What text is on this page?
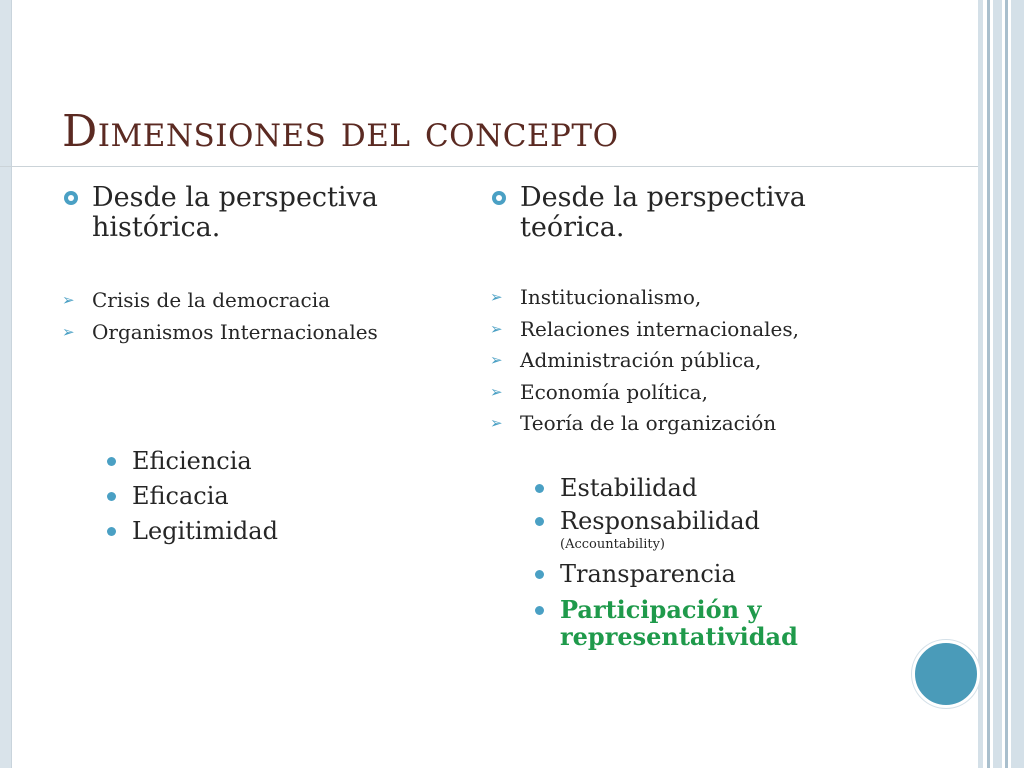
Dimensiones del concepto
Desde la perspectiva histórica.
➢ Crisis de la democracia
➢ Organismos Internacionales
Eficiencia
Eficacia
Legitimidad
Desde la perspectiva teórica.
➢ Institucionalismo,
➢ Relaciones internacionales,
➢ Administración pública,
➢ Economía política,
➢ Teoría de la organización
Estabilidad
Responsabilidad
(Accountability)
Transparencia
Participación y representatividad
